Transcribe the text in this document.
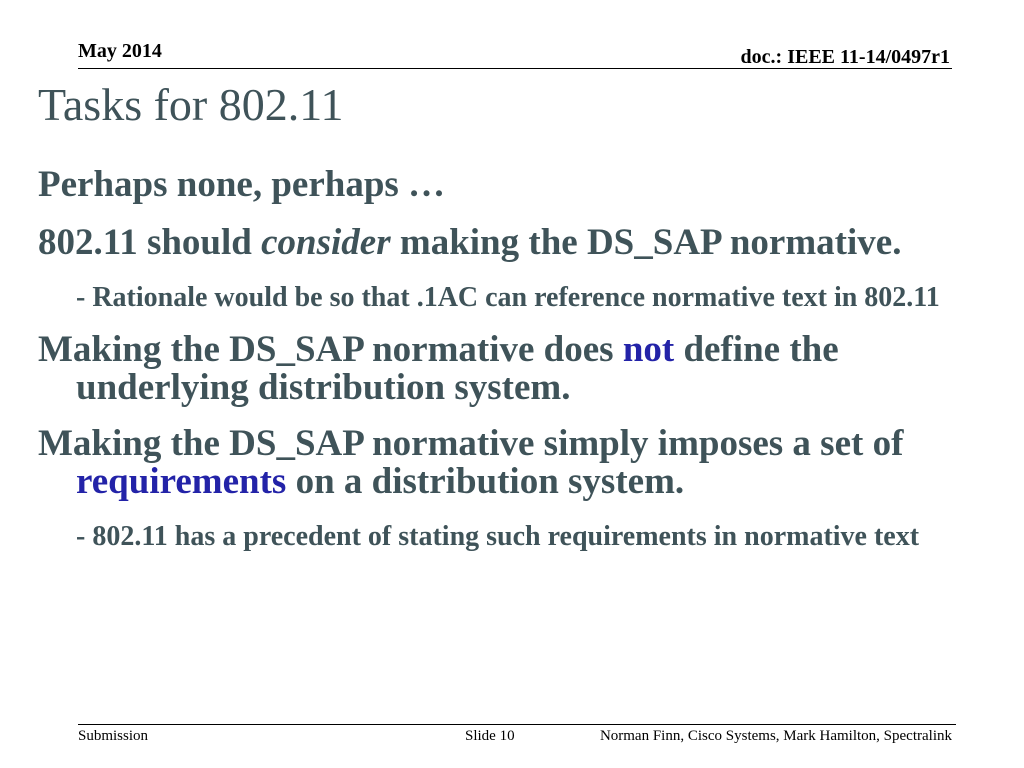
May 2014	doc.: IEEE 11-14/0497r1
Tasks for 802.11

Perhaps none, perhaps …

802.11 should consider making the DS_SAP normative.

- Rationale would be so that .1AC can reference normative text in 802.11

Making the DS_SAP normative does not define the underlying distribution system.

Making the DS_SAP normative simply imposes a set of requirements on a distribution system.

- 802.11 has a precedent of stating such requirements in normative text

Submission	Slide 10	Norman Finn, Cisco Systems, Mark Hamilton, Spectralink
